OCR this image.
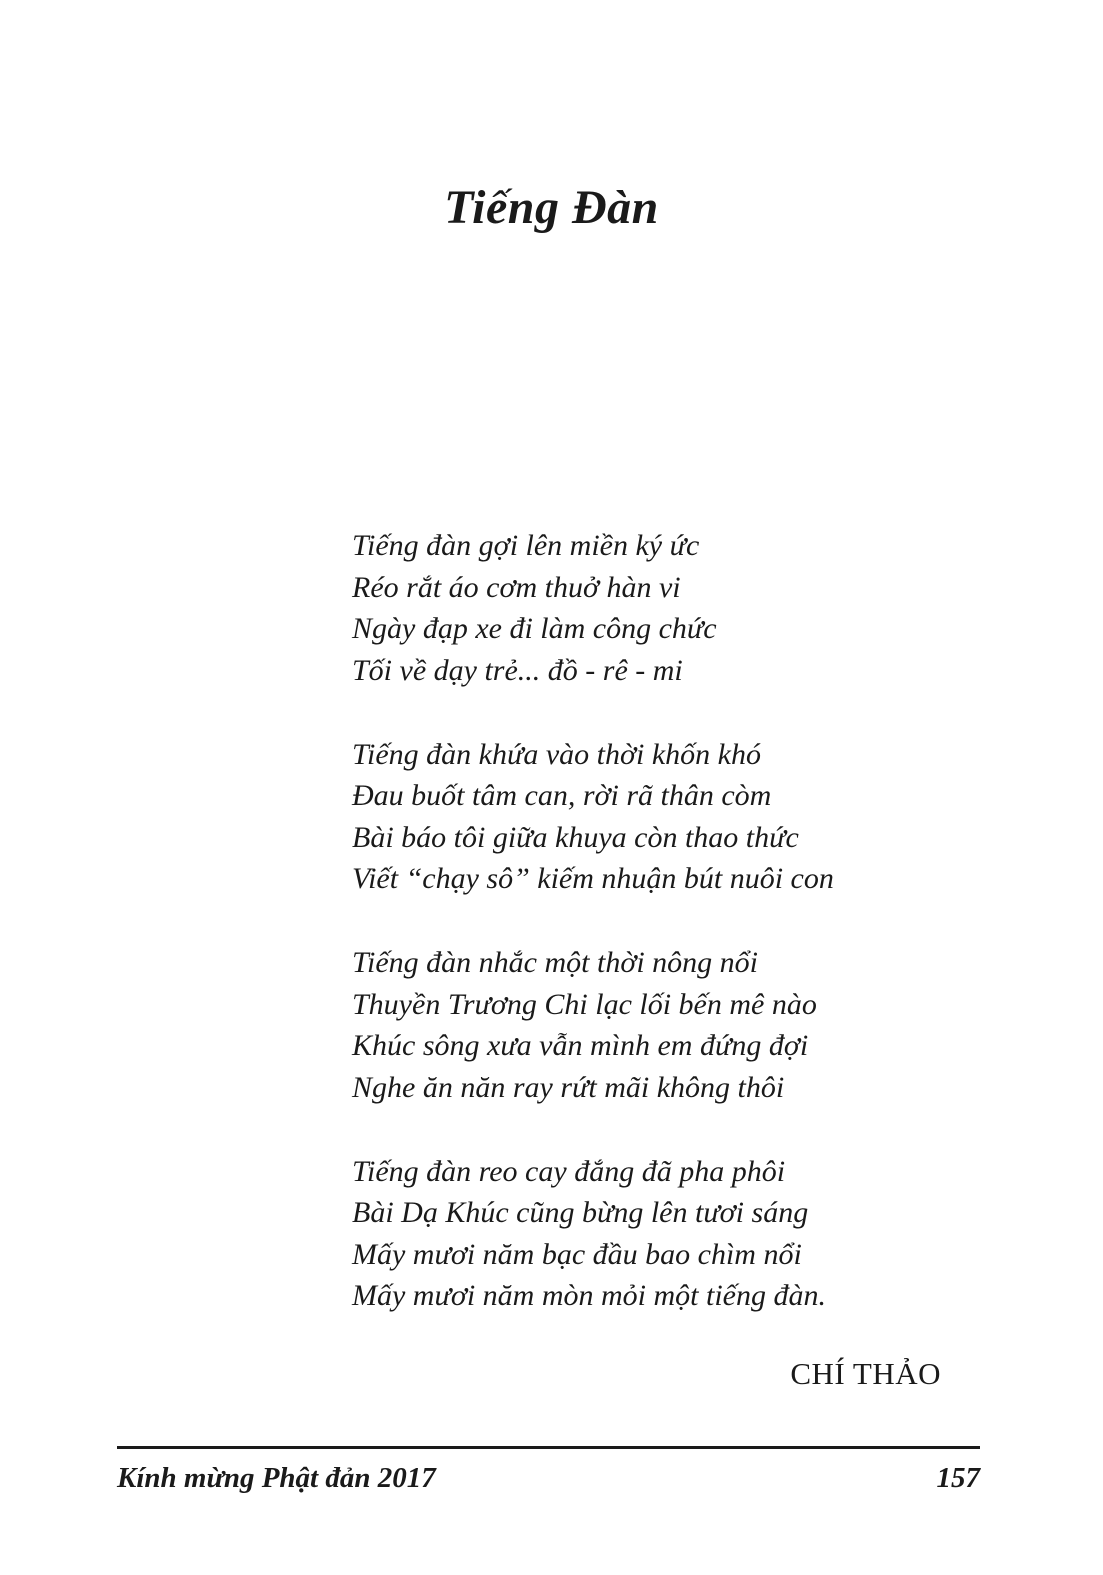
Tiếng Đàn
Tiếng đàn gợi lên miền ký ức
Réo rắt áo cơm thuở hàn vi
Ngày đạp xe đi làm công chức
Tối về dạy trẻ... đồ - rê - mi
Tiếng đàn khứa vào thời khốn khó
Đau buốt tâm can, rời rã thân còm
Bài báo tôi giữa khuya còn thao thức
Viết “chạy sô” kiếm nhuận bút nuôi con
Tiếng đàn nhắc một thời nông nổi
Thuyền Trương Chi lạc lối bến mê nào
Khúc sông xưa vẫn mình em đứng đợi
Nghe ăn năn ray rứt mãi không thôi
Tiếng đàn reo cay đắng đã pha phôi
Bài Dạ Khúc cũng bừng lên tươi sáng
Mấy mươi năm bạc đầu bao chìm nổi
Mấy mươi năm mòn mỏi một tiếng đàn.
CHÍ THẢO
Kính mừng Phật đản 2017	157
